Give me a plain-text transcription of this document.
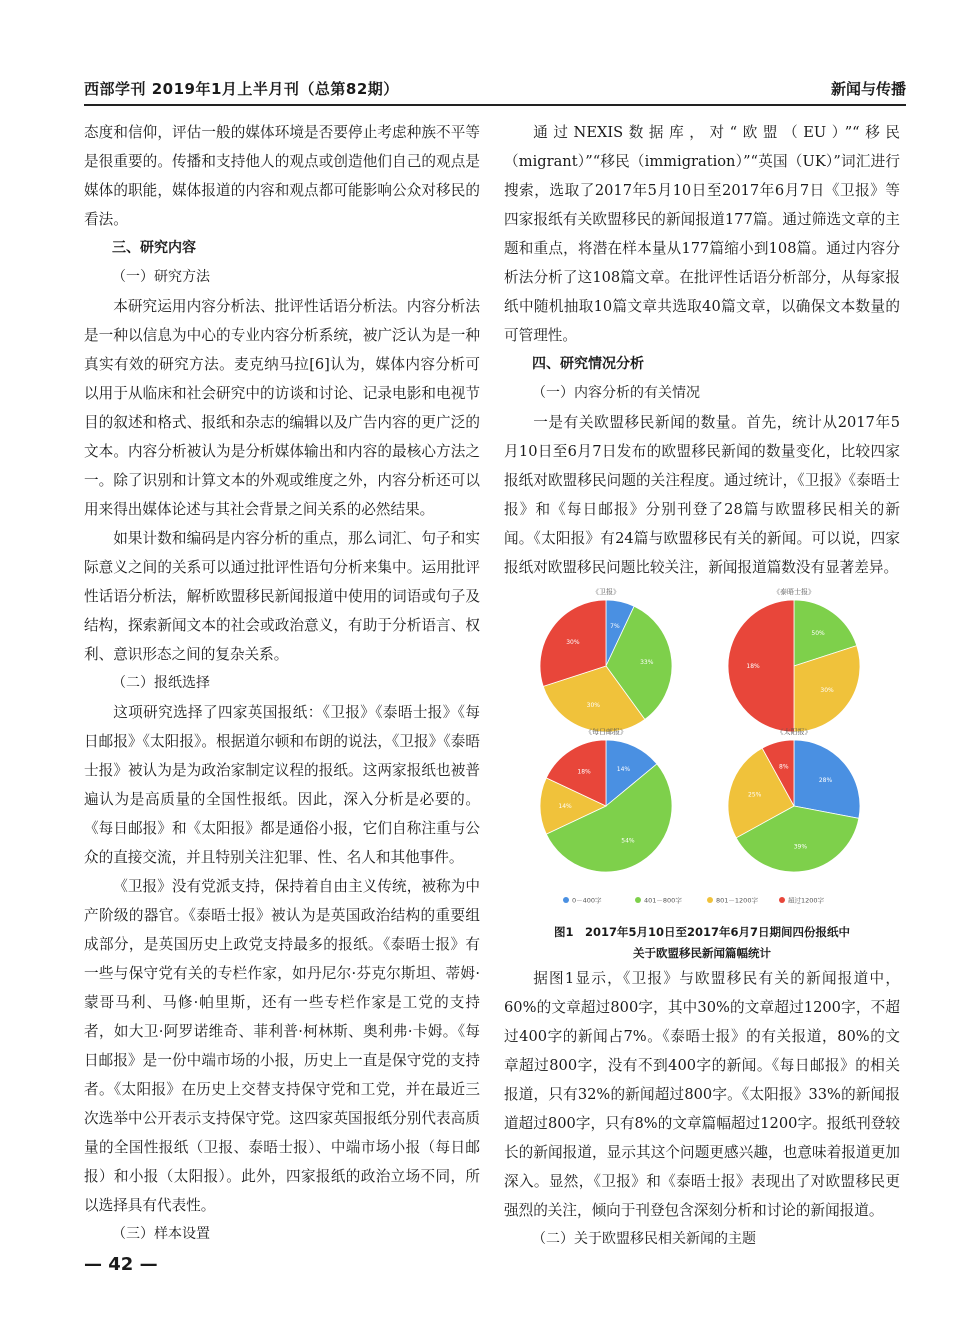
西部学刊 2019年1月上半月刊（总第82期）	新闻与传播

态度和信仰，评估一般的媒体环境是否要停止考虑种族不平等是很重要的。传播和支持他人的观点或创造他们自己的观点是媒体的职能，媒体报道的内容和观点都可能影响公众对移民的看法。

三、研究内容
（一）研究方法

本研究运用内容分析法、批评性话语分析法。内容分析法是一种以信息为中心的专业内容分析系统，被广泛认为是一种真实有效的研究方法。麦克纳马拉[6]认为，媒体内容分析可以用于从临床和社会研究中的访谈和讨论、记录电影和电视节目的叙述和格式、报纸和杂志的编辑以及广告内容的更广泛的文本。内容分析被认为是分析媒体输出和内容的最核心方法之一。除了识别和计算文本的外观或维度之外，内容分析还可以用来得出媒体论述与其社会背景之间关系的必然结果。

如果计数和编码是内容分析的重点，那么词汇、句子和实际意义之间的关系可以通过批评性语句分析来集中。运用批评性话语分析法，解析欧盟移民新闻报道中使用的词语或句子及结构，探索新闻文本的社会或政治意义，有助于分析语言、权利、意识形态之间的复杂关系。

（二）报纸选择

这项研究选择了四家英国报纸：《卫报》《泰晤士报》《每日邮报》《太阳报》。根据道尔顿和布朗的说法，《卫报》《泰晤士报》被认为是为政治家制定议程的报纸。这两家报纸也被普遍认为是高质量的全国性报纸。因此，深入分析是必要的。《每日邮报》和《太阳报》都是通俗小报，它们自称注重与公众的直接交流，并且特别关注犯罪、性、名人和其他事件。

《卫报》没有党派支持，保持着自由主义传统，被称为中产阶级的器官。《泰晤士报》被认为是英国政治结构的重要组成部分，是英国历史上政党支持最多的报纸。《泰晤士报》有一些与保守党有关的专栏作家，如丹尼尔·芬克尔斯坦、蒂姆·蒙哥马利、马修·帕里斯，还有一些专栏作家是工党的支持者，如大卫·阿罗诺维奇、菲利普·柯林斯、奥利弗·卡姆。《每日邮报》是一份中端市场的小报，历史上一直是保守党的支持者。《太阳报》在历史上交替支持保守党和工党，并在最近三次选举中公开表示支持保守党。这四家英国报纸分别代表高质量的全国性报纸（卫报、泰晤士报）、中端市场小报（每日邮报）和小报（太阳报）。此外，四家报纸的政治立场不同，所以选择具有代表性。

（三）样本设置

通过NEXIS数据库，对“欧盟（EU）”“移民（migrant）”“移民（immigration）”“英国（UK）”词汇进行搜索，选取了2017年5月10日至2017年6月7日《卫报》等四家报纸有关欧盟移民的新闻报道177篇。通过筛选文章的主题和重点，将潜在样本量从177篇缩小到108篇。通过内容分析法分析了这108篇文章。在批评性话语分析部分，从每家报纸中随机抽取10篇文章共选取40篇文章，以确保文本数量的可管理性。

四、研究情况分析
（一）内容分析的有关情况

一是有关欧盟移民新闻的数量。首先，统计从2017年5月10日至6月7日发布的欧盟移民新闻的数量变化，比较四家报纸对欧盟移民问题的关注程度。通过统计，《卫报》《泰晤士报》和《每日邮报》分别刊登了28篇与欧盟移民相关的新闻。《太阳报》有24篇与欧盟移民有关的新闻。可以说，四家报纸对欧盟移民问题比较关注，新闻报道篇数没有显著差异。

《卫报》
7%
33%
30%
30%
《泰晤士报》
50%
30%
18%
《每日邮报》
14%
54%
14%
18%
《太阳报》
28%
39%
25%
8%
0－400字	401－800字	801－1200字	超过1200字
图1　2017年5月10日至2017年6月7日期间四份报纸中
关于欧盟移民新闻篇幅统计

据图1显示，《卫报》与欧盟移民有关的新闻报道中，60%的文章超过800字，其中30%的文章超过1200字，不超过400字的新闻占7%。《泰晤士报》的有关报道，80%的文章超过800字，没有不到400字的新闻。《每日邮报》的相关报道，只有32%的新闻超过800字。《太阳报》33%的新闻报道超过800字，只有8%的文章篇幅超过1200字。报纸刊登较长的新闻报道，显示其这个问题更感兴趣，也意味着报道更加深入。显然，《卫报》和《泰晤士报》表现出了对欧盟移民更强烈的关注，倾向于刊登包含深刻分析和讨论的新闻报道。

（二）关于欧盟移民相关新闻的主题
— 42 —
